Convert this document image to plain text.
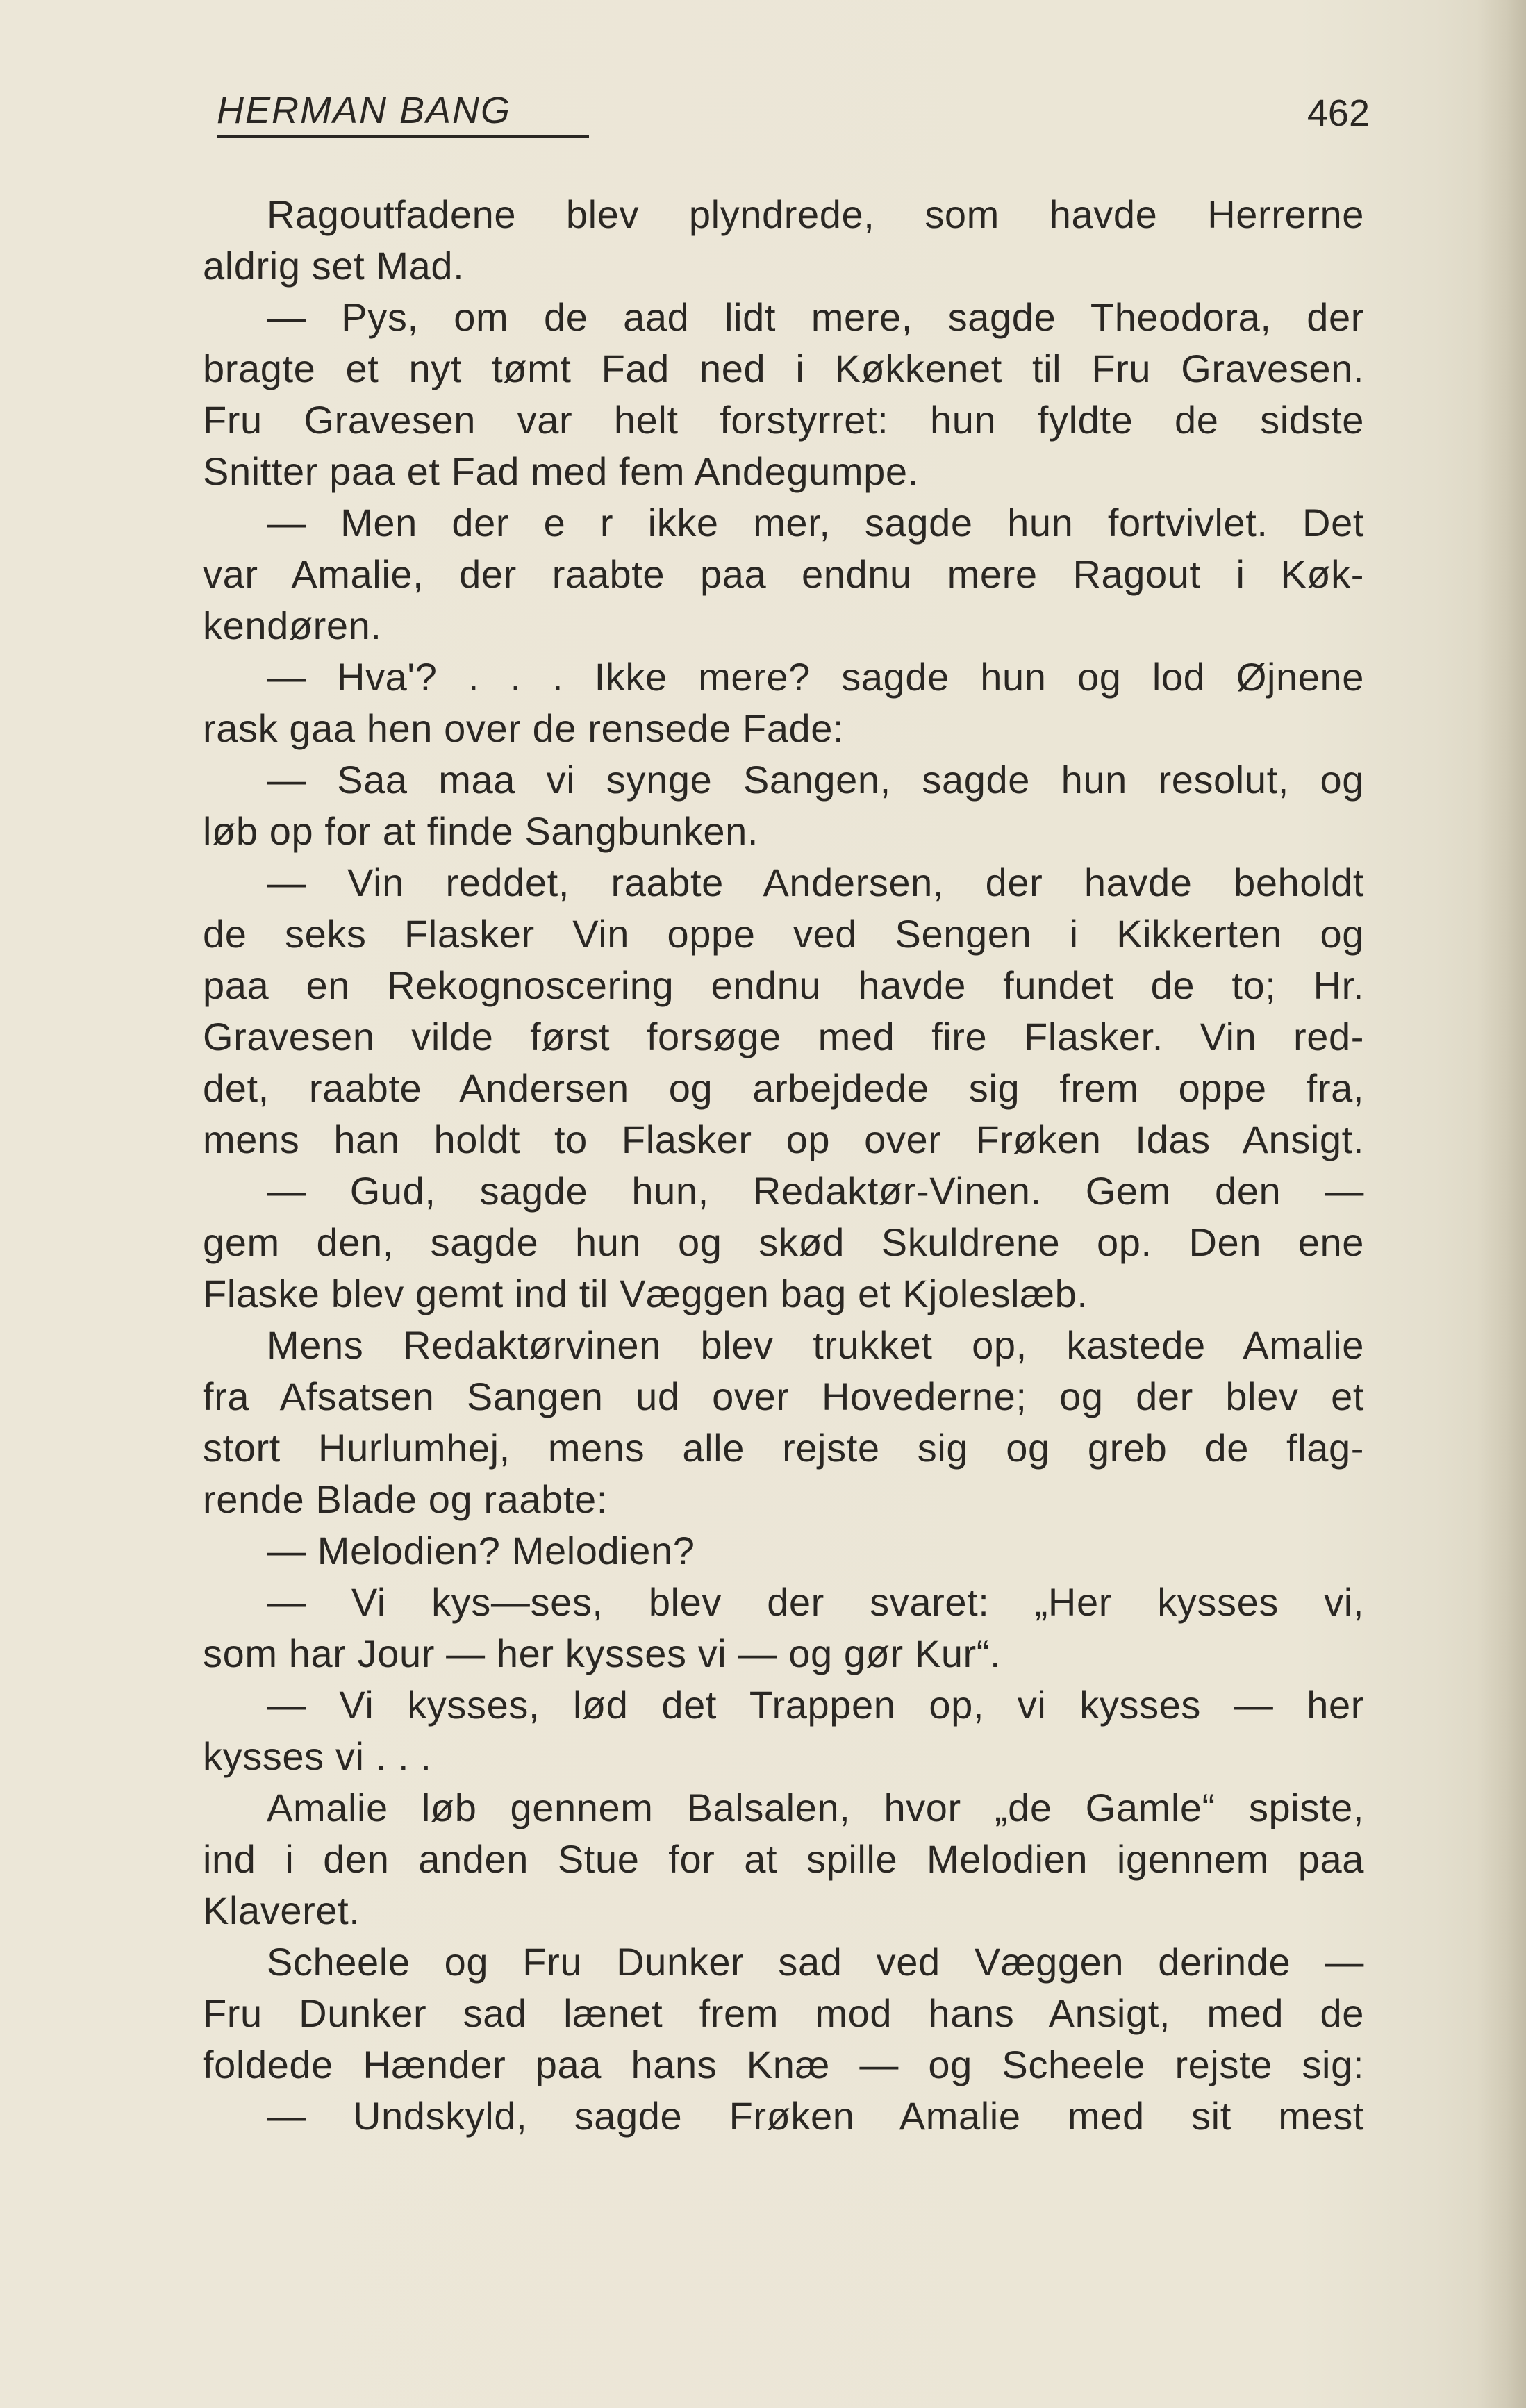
HERMAN BANG	462
Ragoutfadene blev plyndrede, som havde Herrerne
aldrig set Mad.
— Pys, om de aad lidt mere, sagde Theodora, der
bragte et nyt tømt Fad ned i Køkkenet til Fru Gravesen.
Fru Gravesen var helt forstyrret: hun fyldte de sidste
Snitter paa et Fad med fem Andegumpe.
— Men der e r ikke mer, sagde hun fortvivlet. Det
var Amalie, der raabte paa endnu mere Ragout i Køk-
kendøren.
— Hva'? . . . Ikke mere? sagde hun og lod Øjnene
rask gaa hen over de rensede Fade:
— Saa maa vi synge Sangen, sagde hun resolut, og
løb op for at finde Sangbunken.
— Vin reddet, raabte Andersen, der havde beholdt
de seks Flasker Vin oppe ved Sengen i Kikkerten og
paa en Rekognoscering endnu havde fundet de to; Hr.
Gravesen vilde først forsøge med fire Flasker. Vin red-
det, raabte Andersen og arbejdede sig frem oppe fra,
mens han holdt to Flasker op over Frøken Idas Ansigt.
— Gud, sagde hun, Redaktør-Vinen. Gem den —
gem den, sagde hun og skød Skuldrene op. Den ene
Flaske blev gemt ind til Væggen bag et Kjoleslæb.
Mens Redaktørvinen blev trukket op, kastede Amalie
fra Afsatsen Sangen ud over Hovederne; og der blev et
stort Hurlumhej, mens alle rejste sig og greb de flag-
rende Blade og raabte:
— Melodien? Melodien?
— Vi kys—ses, blev der svaret: „Her kysses vi,
som har Jour — her kysses vi — og gør Kur“.
— Vi kysses, lød det Trappen op, vi kysses — her
kysses vi . . .
Amalie løb gennem Balsalen, hvor „de Gamle“ spiste,
ind i den anden Stue for at spille Melodien igennem paa
Klaveret.
Scheele og Fru Dunker sad ved Væggen derinde —
Fru Dunker sad lænet frem mod hans Ansigt, med de
foldede Hænder paa hans Knæ — og Scheele rejste sig:
— Undskyld, sagde Frøken Amalie med sit mest
